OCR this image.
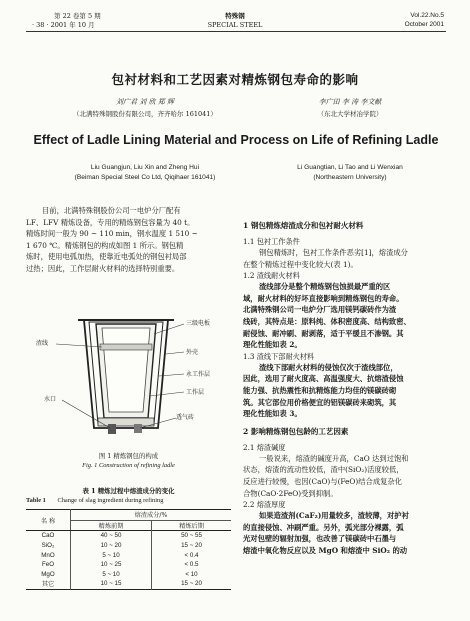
第 22 卷第 5 期
· 38 · 2001 年 10 月
特殊钢
SPECIAL STEEL
Vol.22.No.5
October 2001
包衬材料和工艺因素对精炼钢包寿命的影响
刘广君 刘 欣 郑 辉
（北满特殊钢股份有限公司，齐齐哈尔 161041）
李广田 李 涛 李文献
（东北大学材冶学院）
Effect of Ladle Lining Material and Process on Life of Refining Ladle
Liu Guangjun, Liu Xin and Zheng Hui
(Beiman Special Steel Co Ltd, Qiqihaer 161041)
Li Guangtian, Li Tao and Li Wenxian
(Northeastern University)
目前，北满特殊钢股份公司一电炉分厂配有
LF、LFV 精炼设备，专用的精炼钢包容量为 40 t。
精炼时间一般为 90 ~ 110 min，钢水温度 1 510 ~
1 670 ℃。精炼钢包的构成如图 1 所示。钢包精
炼时，使用电弧加热，使靠近电弧处的钢包衬局部
过热；因此，工作层耐火材料的选择特别重要。
渣线
三级电板
外壳
永工作层
工作层
水口
透气砖
图 1 精炼钢包的构成
Fig. 1 Construction of refining ladle
表 1 精炼过程中熔渣成分的变化
Table 1 Change of slag ingredient during refining
名 称	熔渣成分/%	
	精炼前期	精炼后期
CaO	40 ~ 50	50 ~ 55
SiO₂	10 ~ 20	15 ~ 20
MnO	5 ~ 10	< 0.4
FeO	10 ~ 25	< 0.5
MgO	5 ~ 10	< 10
其它	10 ~ 15	15 ~ 20
1 钢包精炼熔渣成分和包衬耐火材料
1.1 包衬工作条件
钢包精炼时，包衬工作条件恶劣[1]，熔渣成分
在整个精炼过程中变化较大(表 1)。
1.2 渣线耐火材料
渣线部分是整个精炼钢包蚀损最严重的区
域，耐火材料的好坏直接影响到精炼钢包的寿命。
北满特殊钢公司一电炉分厂选用镁钙碳砖作为渣
线砖，其特点是：原料纯、体积密度高、结构致密、
耐侵蚀、耐冲刷、耐剥落，适于平缓且不渗钢。其
理化性能如表 2。
1.3 渣线下部耐火材料
渣线下部耐火材料的侵蚀仅次于渣线部位，
因此，选用了耐火度高、高温强度大、抗熔渣侵蚀
能力强、抗热震性和抗精炼能力均佳的镁碳砖砌
筑。其它部位用价格便宜的铝镁碳砖来砌筑，其
理化性能如表 3。
2 影响精炼钢包包龄的工艺因素
2.1 熔渣碱度
一般说来，熔渣的碱度升高，CaO 达到过饱和
状态，熔渣的流动性较低，渣中(SiO₂)活度较低，
反应进行较慢，也因(CaO)与(FeO)结合成复杂化
合物(CaO·2FeO)受到抑制。
2.2 熔渣厚度
如果造渣剂(CaF₂)用量较多，渣较薄，对护衬
的直接侵蚀、冲刷严重。另外，弧光部分裸露，弧
光对包壁的辐射加强，也改善了镁碳砖中石墨与
熔渣中氧化物反应以及 MgO 和熔渣中 SiO₂ 的动
